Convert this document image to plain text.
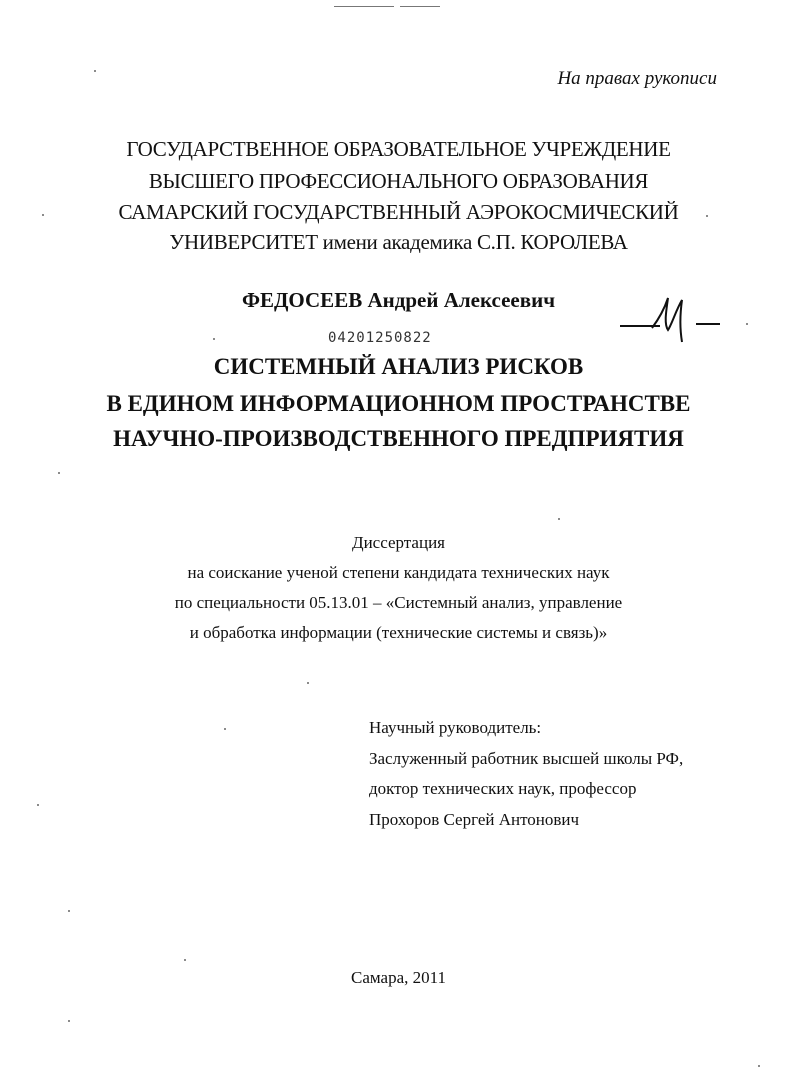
На правах рукописи
ГОСУДАРСТВЕННОЕ ОБРАЗОВАТЕЛЬНОЕ УЧРЕЖДЕНИЕ
ВЫСШЕГО ПРОФЕССИОНАЛЬНОГО ОБРАЗОВАНИЯ
САМАРСКИЙ ГОСУДАРСТВЕННЫЙ АЭРОКОСМИЧЕСКИЙ
УНИВЕРСИТЕТ имени академика С.П. КОРОЛЕВА
ФЕДОСЕЕВ Андрей Алексеевич
04201250822
СИСТЕМНЫЙ АНАЛИЗ РИСКОВ
В ЕДИНОМ ИНФОРМАЦИОННОМ ПРОСТРАНСТВЕ
НАУЧНО-ПРОИЗВОДСТВЕННОГО ПРЕДПРИЯТИЯ
Диссертация
на соискание ученой степени кандидата технических наук
по специальности 05.13.01 – «Системный анализ, управление
и обработка информации (технические системы и связь)»
Научный руководитель:
Заслуженный работник высшей школы РФ,
доктор технических наук, профессор
Прохоров Сергей Антонович
Самара, 2011
